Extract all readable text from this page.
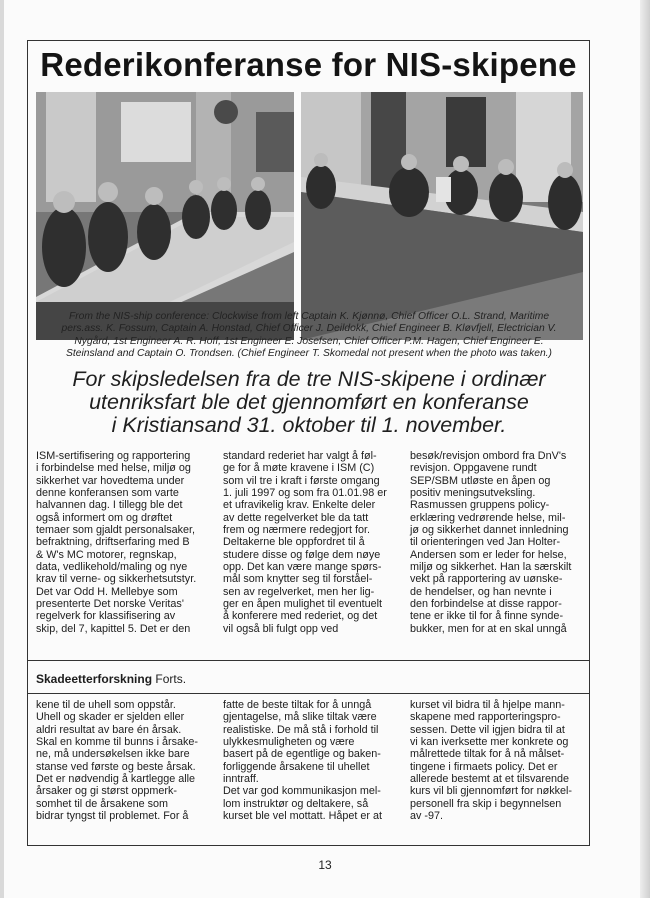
Rederikonferanse for NIS-skipene
From the NIS-ship conference: Clockwise from left Captain K. Kjønnø, Chief Officer O.L. Strand, Maritime
pers.ass. K. Fossum, Captain A. Honstad, Chief Officer J. Deildokk, Chief Engineer B. Kløvfjell, Electrician V.
Nygård, 1st Engineer A. R. Hoff, 1st Engineer E. Josefsen, Chief Officer P.M. Hagen, Chief Engineer E.
Steinsland and Captain O. Trondsen. (Chief Engineer T. Skomedal not present when the photo was taken.)
For skipsledelsen fra de tre NIS-skipene i ordinær
utenriksfart ble det gjennomført en konferanse
i Kristiansand 31. oktober til 1. november.
ISM-sertifisering og rapportering
i forbindelse med helse, miljø og
sikkerhet var hovedtema under
denne konferansen som varte
halvannen dag. I tillegg ble det
også informert om og drøftet
temaer som gjaldt personalsaker,
befraktning, driftserfaring med B
& W's MC motorer, regnskap,
data, vedlikehold/maling og nye
krav til verne- og sikkerhetsutstyr.
Det var Odd H. Mellebye som
presenterte Det norske Veritas'
regelverk for klassifisering av
skip, del 7, kapittel 5. Det er den
standard rederiet har valgt å føl-
ge for å møte kravene i ISM (C)
som vil tre i kraft i første omgang
1. juli 1997 og som fra 01.01.98 er
et ufravikelig krav. Enkelte deler
av dette regelverket ble da tatt
frem og nærmere redegjort for.
Deltakerne ble oppfordret til å
studere disse og følge dem nøye
opp. Det kan være mange spørs-
mål som knytter seg til forståel-
sen av regelverket, men her lig-
ger en åpen mulighet til eventuelt
å konferere med rederiet, og det
vil også bli fulgt opp ved
besøk/revisjon ombord fra DnV's
revisjon. Oppgavene rundt
SEP/SBM utløste en åpen og
positiv meningsutveksling.
Rasmussen gruppens policy-
erklæring vedrørende helse, mil-
jø og sikkerhet dannet innledning
til orienteringen ved Jan Holter-
Andersen som er leder for helse,
miljø og sikkerhet. Han la særskilt
vekt på rapportering av uønske-
de hendelser, og han nevnte i
den forbindelse at disse rappor-
tene er ikke til for å finne synde-
bukker, men for at en skal unngå
Skadeetterforskning Forts.
kene til de uhell som oppstår.
Uhell og skader er sjelden eller
aldri resultat av bare én årsak.
Skal en komme til bunns i årsake-
ne, må undersøkelsen ikke bare
stanse ved første og beste årsak.
Det er nødvendig å kartlegge alle
årsaker og gi størst oppmerk-
somhet til de årsakene som
bidrar tyngst til problemet. For å
fatte de beste tiltak for å unngå
gjentagelse, må slike tiltak være
realistiske. De må stå i forhold til
ulykkesmuligheten og være
basert på de egentlige og baken-
forliggende årsakene til uhellet
inntraff.
Det var god kommunikasjon mel-
lom instruktør og deltakere, så
kurset ble vel mottatt. Håpet er at
kurset vil bidra til å hjelpe mann-
skapene med rapporteringspro-
sessen. Dette vil igjen bidra til at
vi kan iverksette mer konkrete og
målrettede tiltak for å nå målset-
tingene i firmaets policy. Det er
allerede bestemt at et tilsvarende
kurs vil bli gjennomført for nøkkel-
personell fra skip i begynnelsen
av -97.
13
